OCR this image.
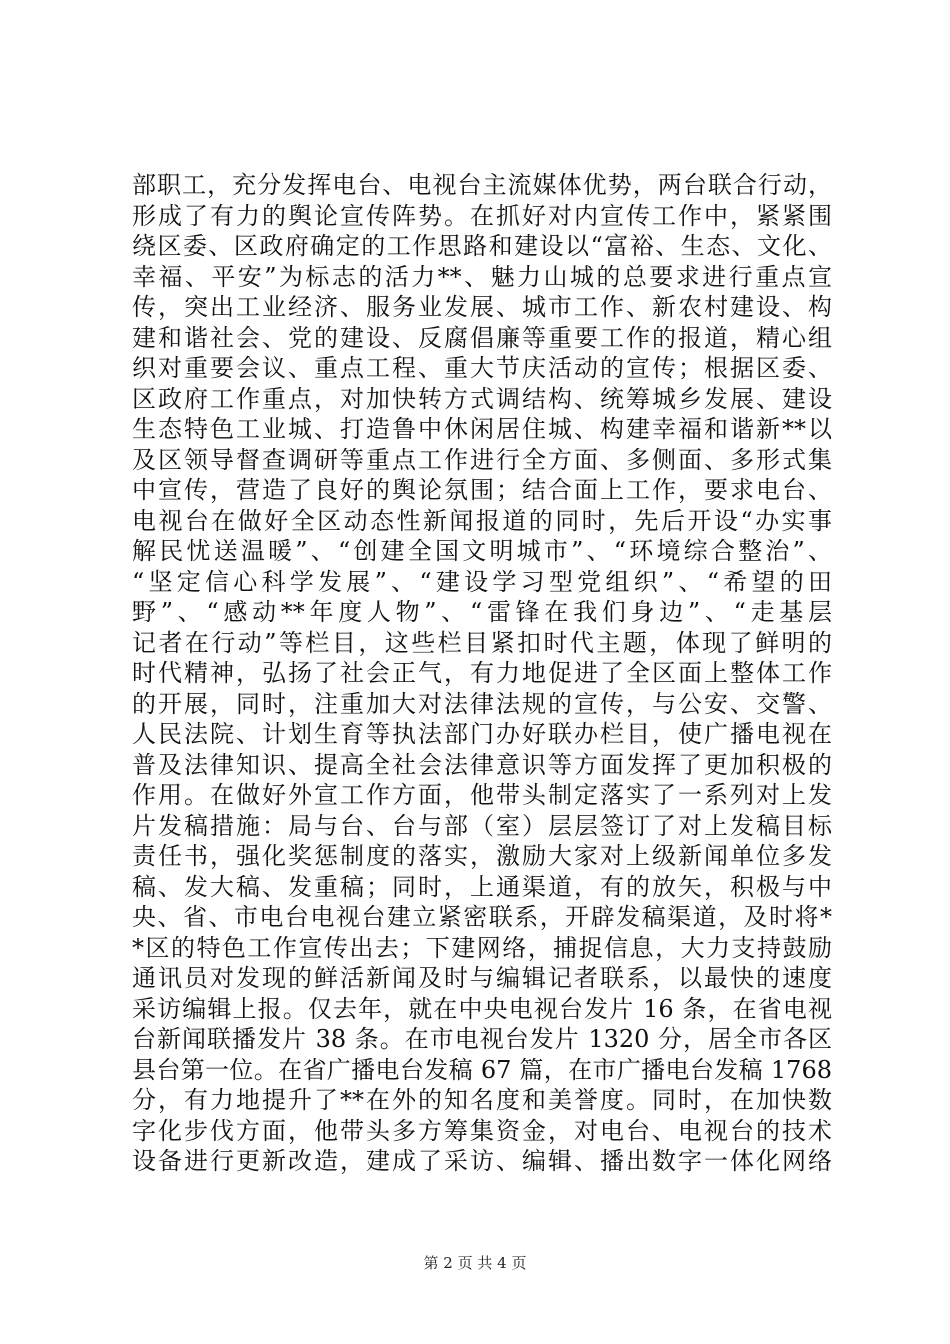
部职工，充分发挥电台、电视台主流媒体优势，两台联合行动，
形成了有力的舆论宣传阵势。在抓好对内宣传工作中，紧紧围
绕区委、区政府确定的工作思路和建设以“富裕、生态、文化、
幸福、平安”为标志的活力**、魅力山城的总要求进行重点宣
传，突出工业经济、服务业发展、城市工作、新农村建设、构
建和谐社会、党的建设、反腐倡廉等重要工作的报道，精心组
织对重要会议、重点工程、重大节庆活动的宣传；根据区委、
区政府工作重点，对加快转方式调结构、统筹城乡发展、建设
生态特色工业城、打造鲁中休闲居住城、构建幸福和谐新**以
及区领导督查调研等重点工作进行全方面、多侧面、多形式集
中宣传，营造了良好的舆论氛围；结合面上工作，要求电台、
电视台在做好全区动态性新闻报道的同时，先后开设“办实事
解民忧送温暖”、“创建全国文明城市”、“环境综合整治”、
“坚定信心科学发展”、“建设学习型党组织”、“希望的田
野”、“感动**年度人物”、“雷锋在我们身边”、“走基层
记者在行动”等栏目，这些栏目紧扣时代主题，体现了鲜明的
时代精神，弘扬了社会正气，有力地促进了全区面上整体工作
的开展，同时，注重加大对法律法规的宣传，与公安、交警、
人民法院、计划生育等执法部门办好联办栏目，使广播电视在
普及法律知识、提高全社会法律意识等方面发挥了更加积极的
作用。在做好外宣工作方面，他带头制定落实了一系列对上发
片发稿措施：局与台、台与部（室）层层签订了对上发稿目标
责任书，强化奖惩制度的落实，激励大家对上级新闻单位多发
稿、发大稿、发重稿；同时，上通渠道，有的放矢，积极与中
央、省、市电台电视台建立紧密联系，开辟发稿渠道，及时将*
*区的特色工作宣传出去；下建网络，捕捉信息，大力支持鼓励
通讯员对发现的鲜活新闻及时与编辑记者联系，以最快的速度
采访编辑上报。仅去年，就在中央电视台发片 16 条，在省电视
台新闻联播发片 38 条。在市电视台发片 1320 分，居全市各区
县台第一位。在省广播电台发稿 67 篇，在市广播电台发稿 1768
分，有力地提升了**在外的知名度和美誉度。同时，在加快数
字化步伐方面，他带头多方筹集资金，对电台、电视台的技术
设备进行更新改造，建成了采访、编辑、播出数字一体化网络
第 2 页 共 4 页
